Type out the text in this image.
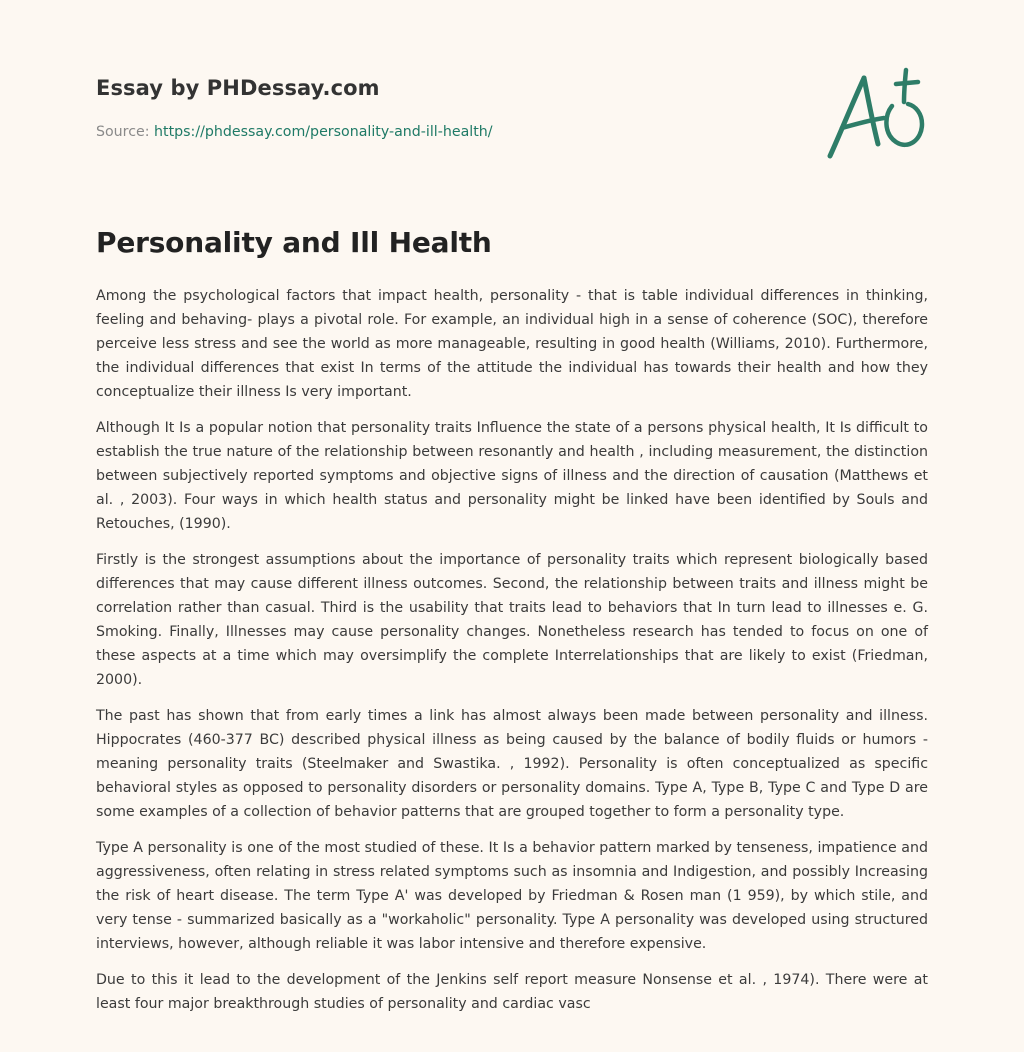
Essay by PHDessay.com

Source: https://phdessay.com/personality-and-ill-health/

Personality and Ill Health

Among the psychological factors that impact health, personality - that is table individual differences in thinking, feeling and behaving- plays a pivotal role. For example, an individual high in a sense of coherence (SOC), therefore perceive less stress and see the world as more manageable, resulting in good health (Williams, 2010). Furthermore, the individual differences that exist In terms of the attitude the individual has towards their health and how they conceptualize their illness Is very important.

Although It Is a popular notion that personality traits Influence the state of a persons physical health, It Is difficult to establish the true nature of the relationship between resonantly and health , including measurement, the distinction between subjectively reported symptoms and objective signs of illness and the direction of causation (Matthews et al. , 2003). Four ways in which health status and personality might be linked have been identified by Souls and Retouches, (1990).

Firstly is the strongest assumptions about the importance of personality traits which represent biologically based differences that may cause different illness outcomes. Second, the relationship between traits and illness might be correlation rather than casual. Third is the usability that traits lead to behaviors that In turn lead to illnesses e. G. Smoking. Finally, Illnesses may cause personality changes. Nonetheless research has tended to focus on one of these aspects at a time which may oversimplify the complete Interrelationships that are likely to exist (Friedman, 2000).

The past has shown that from early times a link has almost always been made between personality and illness. Hippocrates (460-377 BC) described physical illness as being caused by the balance of bodily fluids or humors - meaning personality traits (Steelmaker and Swastika. , 1992). Personality is often conceptualized as specific behavioral styles as opposed to personality disorders or personality domains. Type A, Type B, Type C and Type D are some examples of a collection of behavior patterns that are grouped together to form a personality type.

Type A personality is one of the most studied of these. It Is a behavior pattern marked by tenseness, impatience and aggressiveness, often relating in stress related symptoms such as insomnia and Indigestion, and possibly Increasing the risk of heart disease. The term Type A' was developed by Friedman & Rosen man (1 959), by which stile, and very tense - summarized basically as a "workaholic" personality. Type A personality was developed using structured interviews, however, although reliable it was labor intensive and therefore expensive.

Due to this it lead to the development of the Jenkins self report measure Nonsense et al. , 1974). There were at least four major breakthrough studies of personality and cardiac vasc
